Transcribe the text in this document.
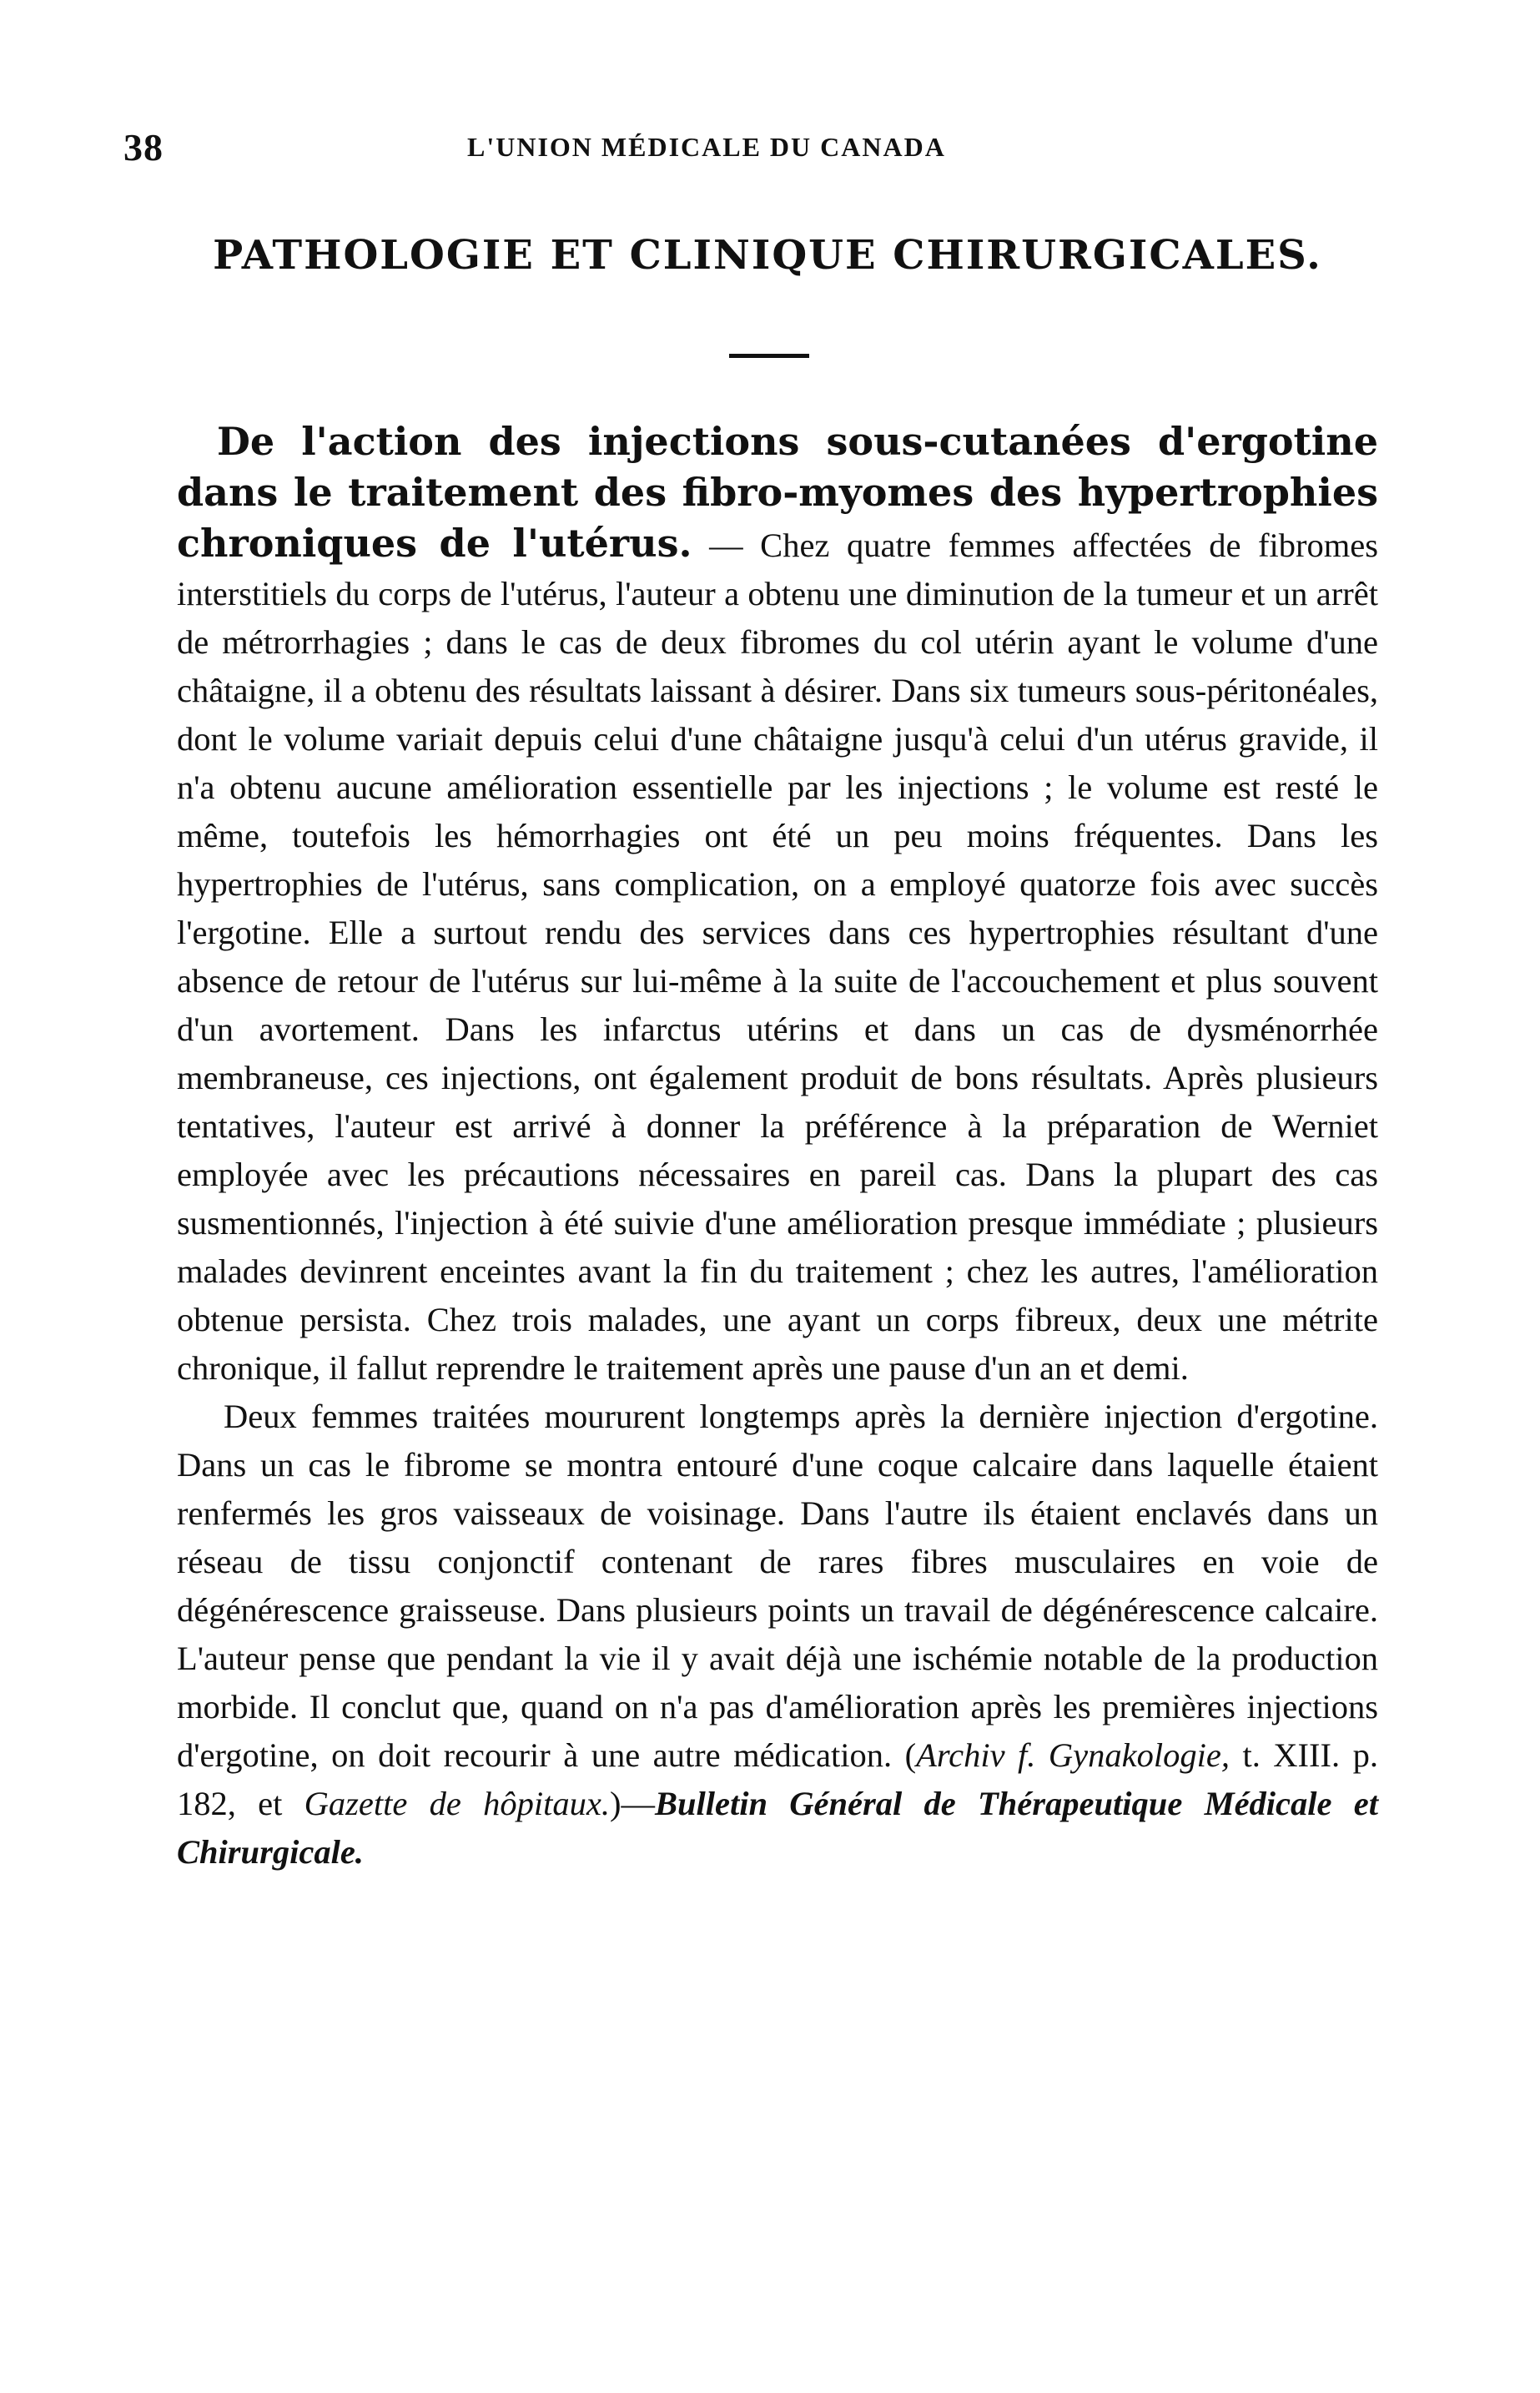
38	L'UNION MÉDICALE DU CANADA
PATHOLOGIE ET CLINIQUE CHIRURGICALES.

De l'action des injections sous-cutanées d'ergotine dans le traitement des fibro-myomes des hypertrophies chroniques de l'utérus. — Chez quatre femmes affectées de fibromes interstitiels du corps de l'utérus, l'auteur a obtenu une diminution de la tumeur et un arrêt de métrorrhagies ; dans le cas de deux fibromes du col utérin ayant le volume d'une châtaigne, il a obtenu des résultats laissant à désirer. Dans six tumeurs sous-péritonéales, dont le volume variait depuis celui d'une châtaigne jusqu'à celui d'un utérus gravide, il n'a obtenu aucune amélioration essentielle par les injections ; le volume est resté le même, toutefois les hémorrhagies ont été un peu moins fréquentes. Dans les hypertrophies de l'utérus, sans complication, on a employé quatorze fois avec succès l'ergotine. Elle a surtout rendu des services dans ces hypertrophies résultant d'une absence de retour de l'utérus sur lui-même à la suite de l'accouchement et plus souvent d'un avortement. Dans les infarctus utérins et dans un cas de dysménorrhée membraneuse, ces injections, ont également produit de bons résultats. Après plusieurs tentatives, l'auteur est arrivé à donner la préférence à la préparation de Werniet employée avec les précautions nécessaires en pareil cas. Dans la plupart des cas susmentionnés, l'injection à été suivie d'une amélioration presque immédiate ; plusieurs malades devinrent enceintes avant la fin du traitement ; chez les autres, l'amélioration obtenue persista. Chez trois malades, une ayant un corps fibreux, deux une métrite chronique, il fallut reprendre le traitement après une pause d'un an et demi.

Deux femmes traitées moururent longtemps après la dernière injection d'ergotine. Dans un cas le fibrome se montra entouré d'une coque calcaire dans laquelle étaient renfermés les gros vaisseaux de voisinage. Dans l'autre ils étaient enclavés dans un réseau de tissu conjonctif contenant de rares fibres musculaires en voie de dégénérescence graisseuse. Dans plusieurs points un travail de dégénérescence calcaire. L'auteur pense que pendant la vie il y avait déjà une ischémie notable de la production morbide. Il conclut que, quand on n'a pas d'amélioration après les premières injections d'ergotine, on doit recourir à une autre médication. (Archiv f. Gynakologie, t. XIII. p. 182, et Gazette de hôpitaux.)—Bulletin Général de Thérapeutique Médicale et Chirurgicale.
